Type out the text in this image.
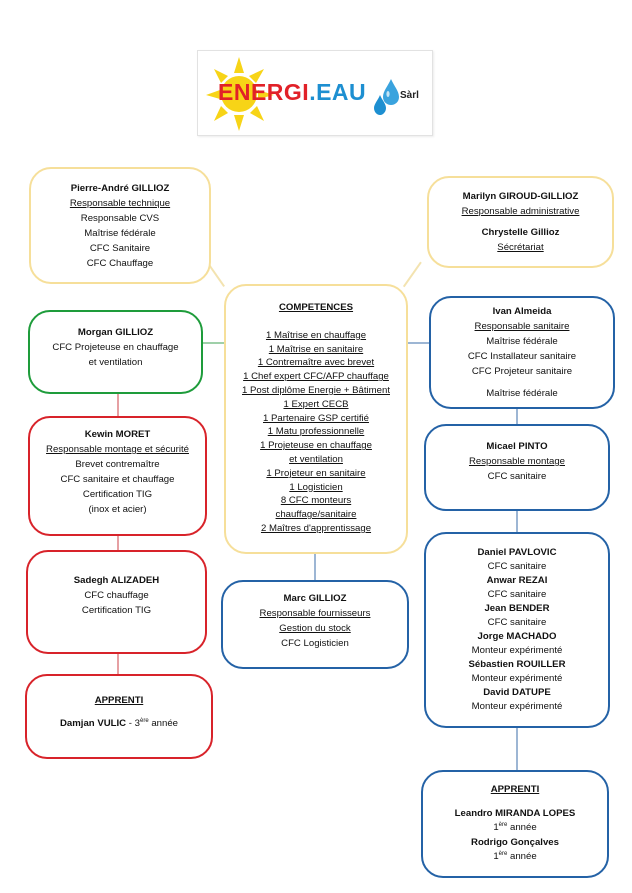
ENERGI.EAU	Sàrl
Pierre-André GILLIOZ
Responsable technique
Responsable CVS
Maîtrise fédérale
CFC Sanitaire
CFC Chauffage
Marilyn GIROUD-GILLIOZ
Responsable administrative
Chrystelle Gillioz
Sécrétariat
COMPETENCES
1 Maîtrise en chauffage
1 Maîtrise en sanitaire
1 Contremaître avec brevet
1 Chef expert CFC/AFP chauffage
1 Post diplôme Energie + Bâtiment
1 Expert CECB
1 Partenaire GSP certifié
1 Matu professionnelle
1 Projeteuse en chauffage
et ventilation
1 Projeteur en sanitaire
1 Logisticien
8 CFC monteurs
chauffage/sanitaire
2 Maîtres d'apprentissage
Morgan GILLIOZ
CFC Projeteuse en chauffage
et ventilation
Ivan Almeida
Responsable sanitaire
Maîtrise fédérale
CFC Installateur sanitaire
CFC Projeteur sanitaire
Maîtrise fédérale
Kewin MORET
Responsable montage et sécurité
Brevet contremaître
CFC sanitaire et chauffage
Certification TIG
(inox et acier)
Micael PINTO
Responsable montage
CFC sanitaire
Sadegh ALIZADEH
CFC chauffage
Certification TIG
Marc GILLIOZ
Responsable fournisseurs
Gestion du stock
CFC Logisticien
Daniel PAVLOVIC
CFC sanitaire
Anwar REZAI
CFC sanitaire
Jean BENDER
CFC sanitaire
Jorge MACHADO
Monteur expérimenté
Sébastien ROUILLER
Monteur expérimenté
David DATUPE
Monteur expérimenté
APPRENTI
Damjan VULIC - 3ère année
APPRENTI
Leandro MIRANDA LOPES
1ère année
Rodrigo Gonçalves
1ère année
